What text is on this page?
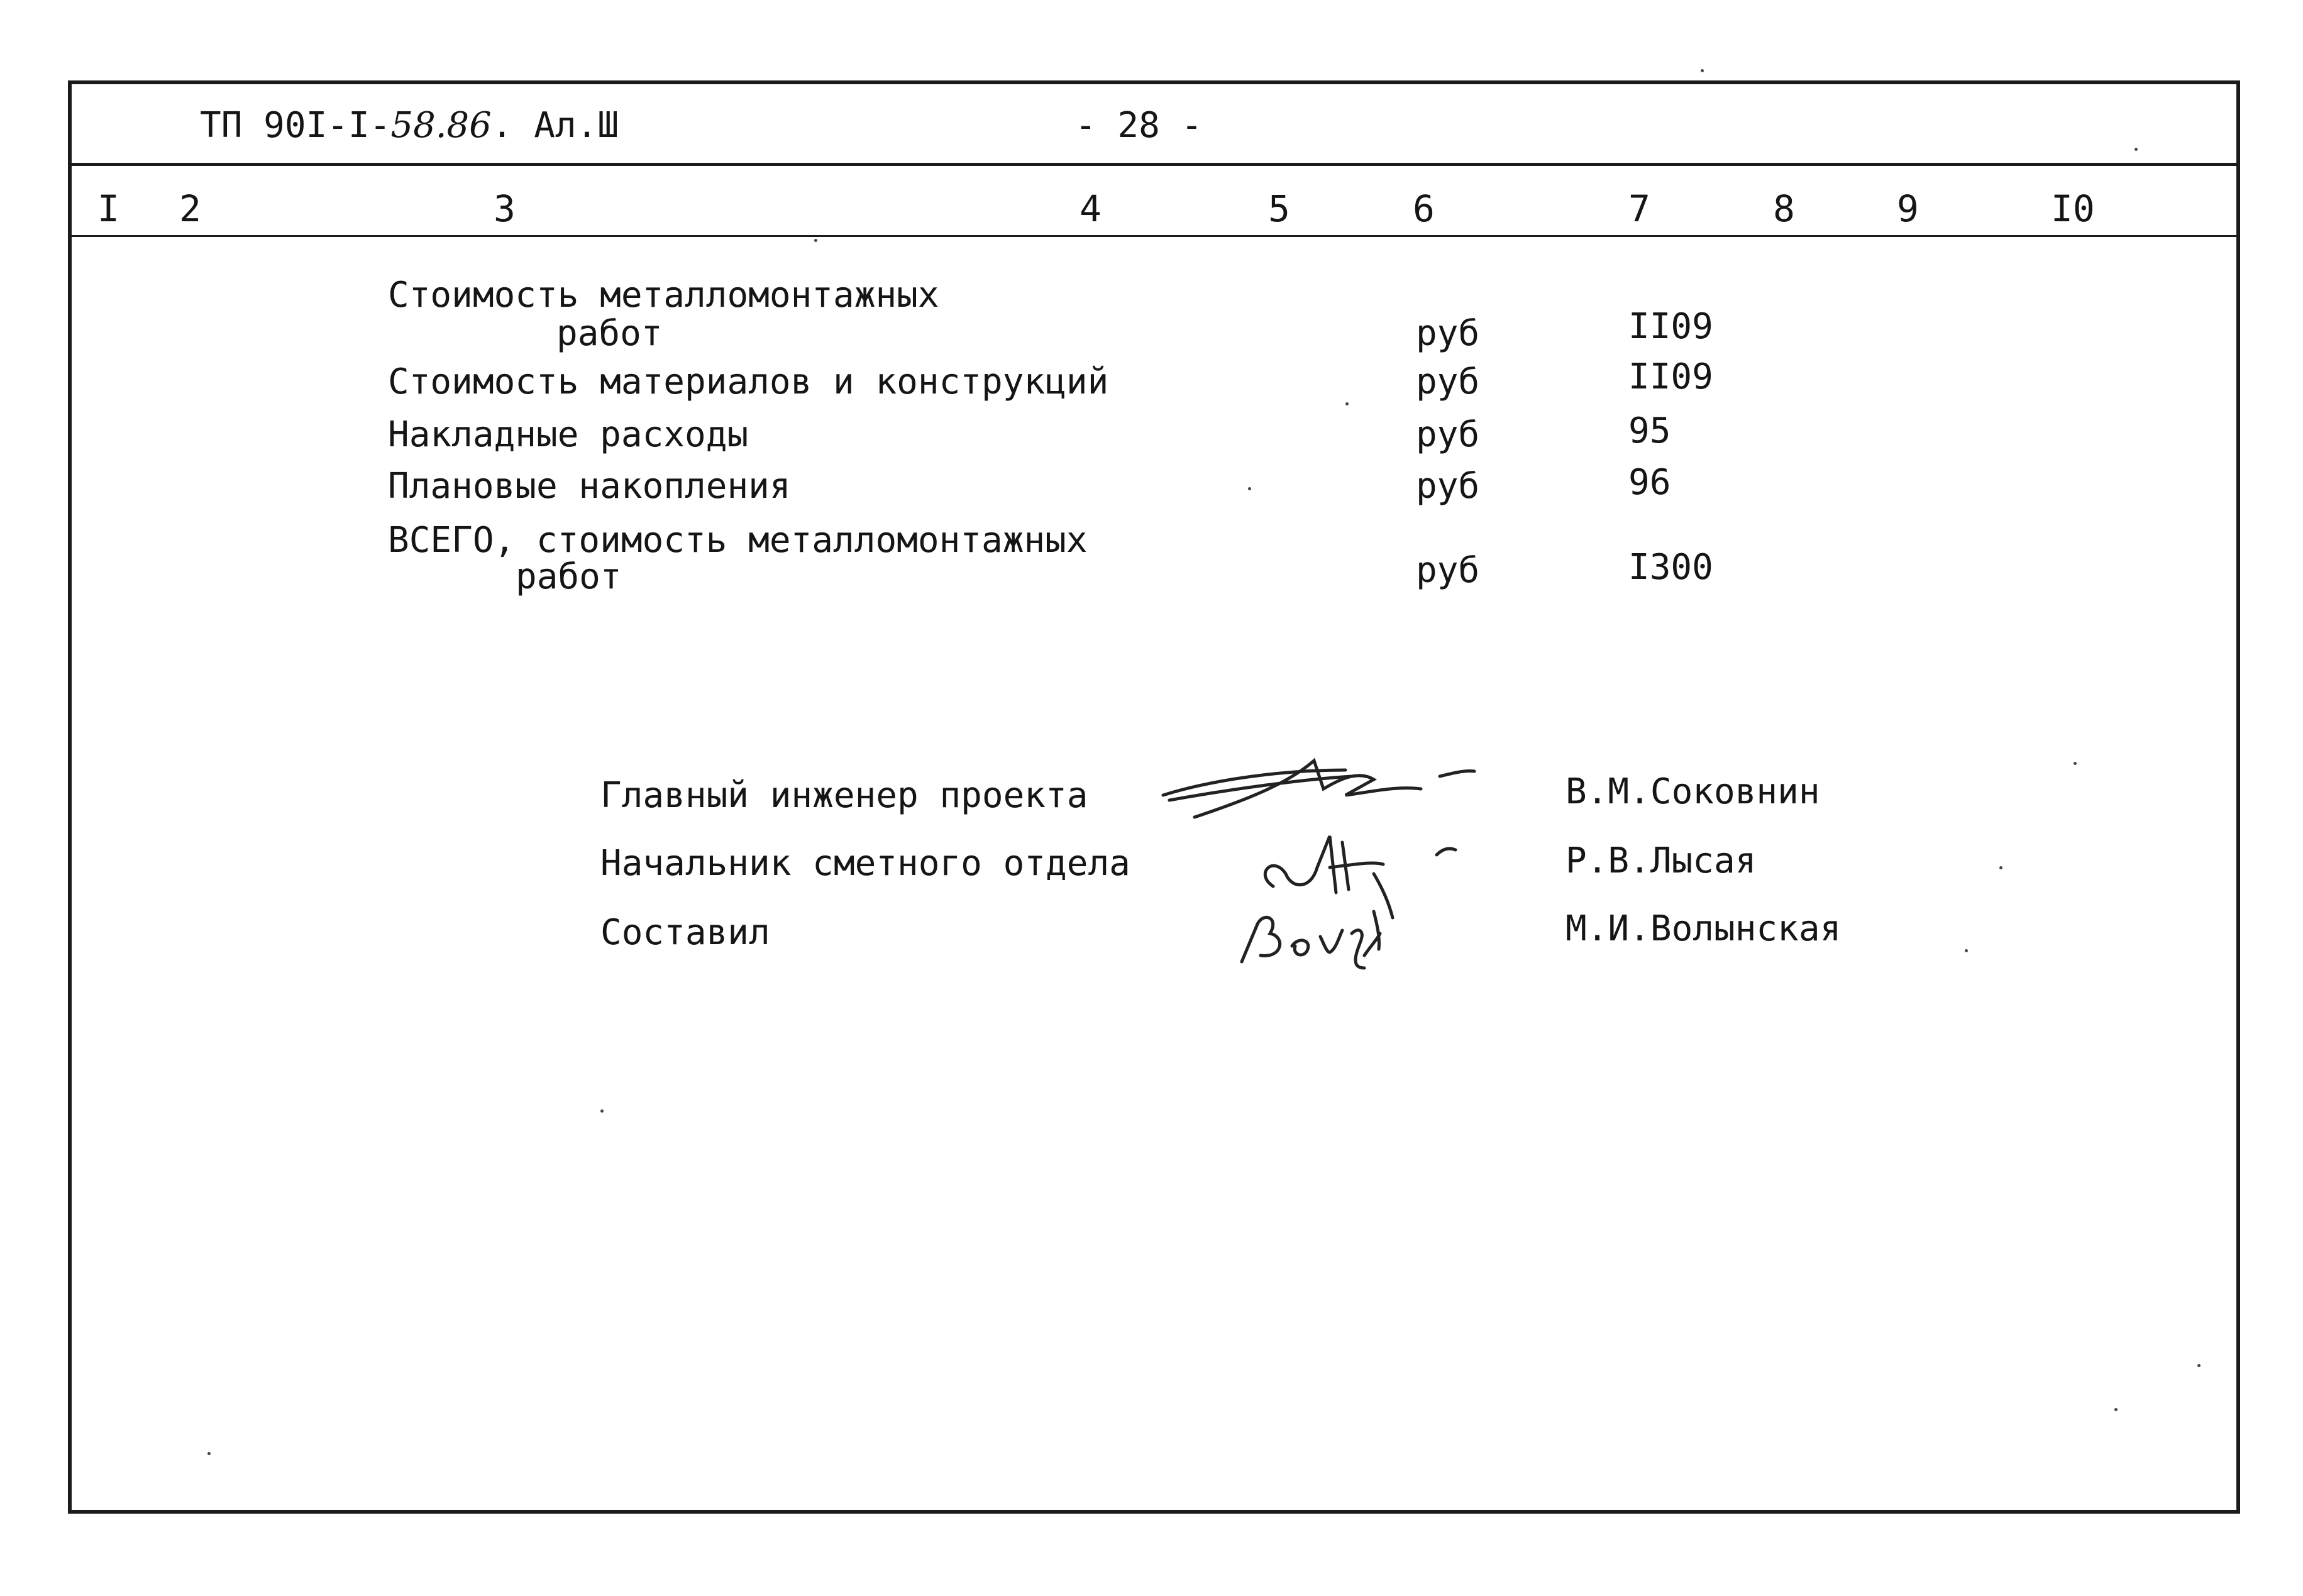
ТП 90I-I-58.86. Ал.Ш	- 28 -
I 2	3	4	5	6	7	8	9	I0
Стоимость металломонтажных
работ	руб	II09
Стоимость материалов и конструкций	руб	II09
Накладные расходы	руб	95
Плановые накопления	руб	96
ВСЕГО, стоимость металломонтажных
работ	руб	I300
Главный инженер проекта	В.М.Соковнин
Начальник сметного отдела	Р.В.Лысая
Составил	М.И.Волынская
